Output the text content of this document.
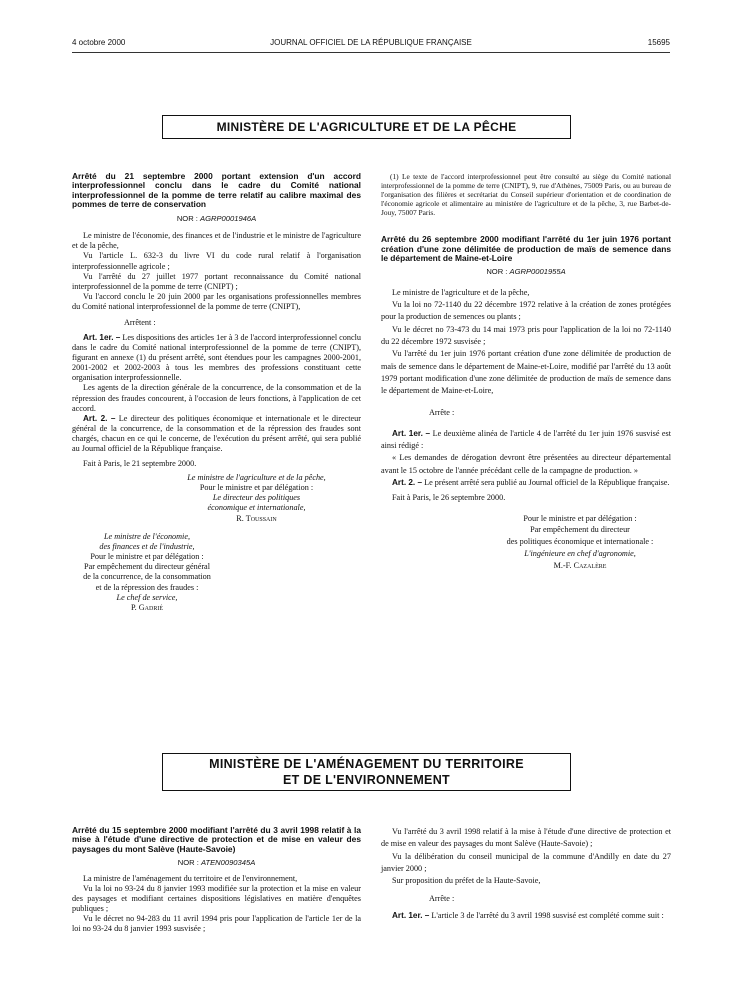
4 octobre 2000	JOURNAL OFFICIEL DE LA RÉPUBLIQUE FRANÇAISE	15695
MINISTÈRE DE L'AGRICULTURE ET DE LA PÊCHE
Arrêté du 21 septembre 2000 portant extension d'un accord interprofessionnel conclu dans le cadre du Comité national interprofessionnel de la pomme de terre relatif au calibre maximal des pommes de terre de conservation
NOR : AGRP0001946A

Le ministre de l'économie, des finances et de l'industrie et le ministre de l'agriculture et de la pêche,

Vu l'article L. 632-3 du livre VI du code rural relatif à l'organisation interprofessionnelle agricole ;

Vu l'arrêté du 27 juillet 1977 portant reconnaissance du Comité national interprofessionnel de la pomme de terre (CNIPT) ;

Vu l'accord conclu le 20 juin 2000 par les organisations professionnelles membres du Comité national interprofessionnel de la pomme de terre (CNIPT),

Arrêtent :

Art. 1er. – Les dispositions des articles 1er à 3 de l'accord interprofessionnel conclu dans le cadre du Comité national interprofessionnel de la pomme de terre (CNIPT), figurant en annexe (1) du présent arrêté, sont étendues pour les campagnes 2000-2001, 2001-2002 et 2002-2003 à tous les membres des professions constituant cette organisation interprofessionnelle.

Les agents de la direction générale de la concurrence, de la consommation et de la répression des fraudes concourent, à l'occasion de leurs fonctions, à l'application de cet accord.

Art. 2. – Le directeur des politiques économique et internationale et le directeur général de la concurrence, de la consommation et de la répression des fraudes sont chargés, chacun en ce qui le concerne, de l'exécution du présent arrêté, qui sera publié au Journal officiel de la République française.

Fait à Paris, le 21 septembre 2000.

Le ministre de l'agriculture et de la pêche,
Pour le ministre et par délégation :
Le directeur des politiques
économique et internationale,
R. Toussain
Le ministre de l'économie,
des finances et de l'industrie,
Pour le ministre et par délégation :
Par empêchement du directeur général
de la concurrence, de la consommation
et de la répression des fraudes :
Le chef de service,
P. Gadrié

(1) Le texte de l'accord interprofessionnel peut être consulté au siège du Comité national interprofessionnel de la pomme de terre (CNIPT), 9, rue d'Athènes, 75009 Paris, ou au bureau de l'organisation des filières et secrétariat du Conseil supérieur d'orientation et de coordination de l'économie agricole et alimentaire au ministère de l'agriculture et de la pêche, 3, rue Barbet-de-Jouy, 75007 Paris.

Arrêté du 26 septembre 2000 modifiant l'arrêté du 1er juin 1976 portant création d'une zone délimitée de production de maïs de semence dans le département de Maine-et-Loire
NOR : AGRP0001955A

Le ministre de l'agriculture et de la pêche,

Vu la loi no 72-1140 du 22 décembre 1972 relative à la création de zones protégées pour la production de semences ou plants ;

Vu le décret no 73-473 du 14 mai 1973 pris pour l'application de la loi no 72-1140 du 22 décembre 1972 susvisée ;

Vu l'arrêté du 1er juin 1976 portant création d'une zone délimitée de production de maïs de semence dans le département de Maine-et-Loire, modifié par l'arrêté du 13 août 1979 portant modification d'une zone délimitée de production de maïs de semence dans le département de Maine-et-Loire,

Arrête :

Art. 1er. – Le deuxième alinéa de l'article 4 de l'arrêté du 1er juin 1976 susvisé est ainsi rédigé :

« Les demandes de dérogation devront être présentées au directeur départemental avant le 15 octobre de l'année précédant celle de la campagne de production. »

Art. 2. – Le présent arrêté sera publié au Journal officiel de la République française.

Fait à Paris, le 26 septembre 2000.

Pour le ministre et par délégation :
Par empêchement du directeur
des politiques économique et internationale :
L'ingénieure en chef d'agronomie,
M.-F. Cazalère
MINISTÈRE DE L'AMÉNAGEMENT DU TERRITOIRE
ET DE L'ENVIRONNEMENT
Arrêté du 15 septembre 2000 modifiant l'arrêté du 3 avril 1998 relatif à la mise à l'étude d'une directive de protection et de mise en valeur des paysages du mont Salève (Haute-Savoie)
NOR : ATEN0090345A

La ministre de l'aménagement du territoire et de l'environnement,

Vu la loi no 93-24 du 8 janvier 1993 modifiée sur la protection et la mise en valeur des paysages et modifiant certaines dispositions législatives en matière d'enquêtes publiques ;

Vu le décret no 94-283 du 11 avril 1994 pris pour l'application de l'article 1er de la loi no 93-24 du 8 janvier 1993 susvisée ;

Vu l'arrêté du 3 avril 1998 relatif à la mise à l'étude d'une directive de protection et de mise en valeur des paysages du mont Salève (Haute-Savoie) ;

Vu la délibération du conseil municipal de la commune d'Andilly en date du 27 janvier 2000 ;

Sur proposition du préfet de la Haute-Savoie,

Arrête :

Art. 1er. – L'article 3 de l'arrêté du 3 avril 1998 susvisé est complété comme suit :
